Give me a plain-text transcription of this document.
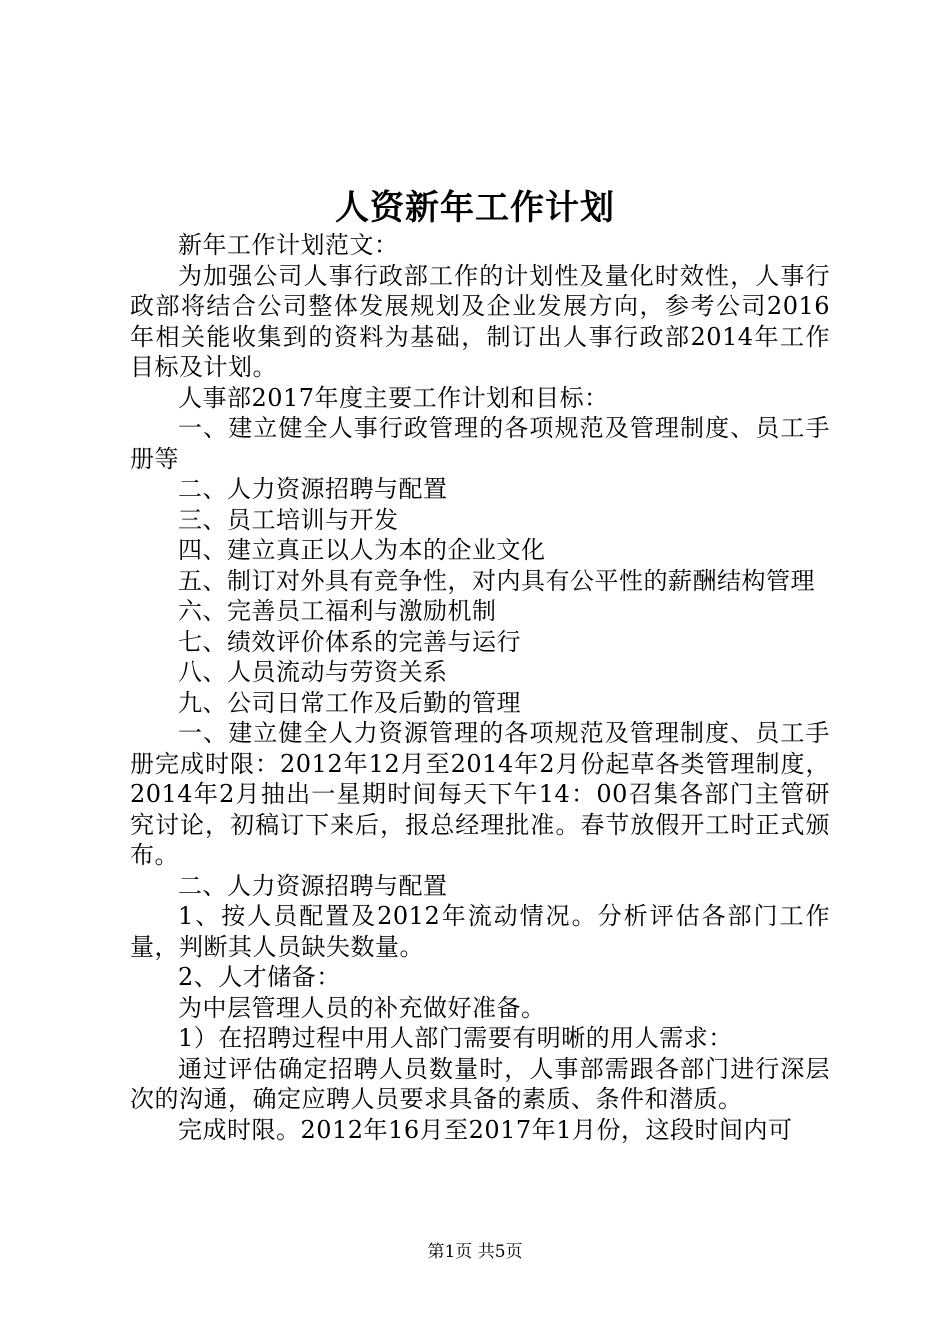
人资新年工作计划

新年工作计划范文：

为加强公司人事行政部工作的计划性及量化时效性，人事行政部将结合公司整体发展规划及企业发展方向，参考公司2016年相关能收集到的资料为基础，制订出人事行政部2014年工作目标及计划。

人事部2017年度主要工作计划和目标：

一、建立健全人事行政管理的各项规范及管理制度、员工手册等

二、人力资源招聘与配置

三、员工培训与开发

四、建立真正以人为本的企业文化

五、制订对外具有竞争性，对内具有公平性的薪酬结构管理

六、完善员工福利与激励机制

七、绩效评价体系的完善与运行

八、人员流动与劳资关系

九、公司日常工作及后勤的管理

一、建立健全人力资源管理的各项规范及管理制度、员工手册完成时限：2012年12月至2014年2月份起草各类管理制度，2014年2月抽出一星期时间每天下午14：00召集各部门主管研究讨论，初稿订下来后，报总经理批准。春节放假开工时正式颁布。

二、人力资源招聘与配置

1、按人员配置及2012年流动情况。分析评估各部门工作量，判断其人员缺失数量。

2、人才储备：

为中层管理人员的补充做好准备。

1）在招聘过程中用人部门需要有明晰的用人需求：

通过评估确定招聘人员数量时，人事部需跟各部门进行深层次的沟通，确定应聘人员要求具备的素质、条件和潜质。

完成时限。2012年16月至2017年1月份，这段时间内可

第1页 共5页
